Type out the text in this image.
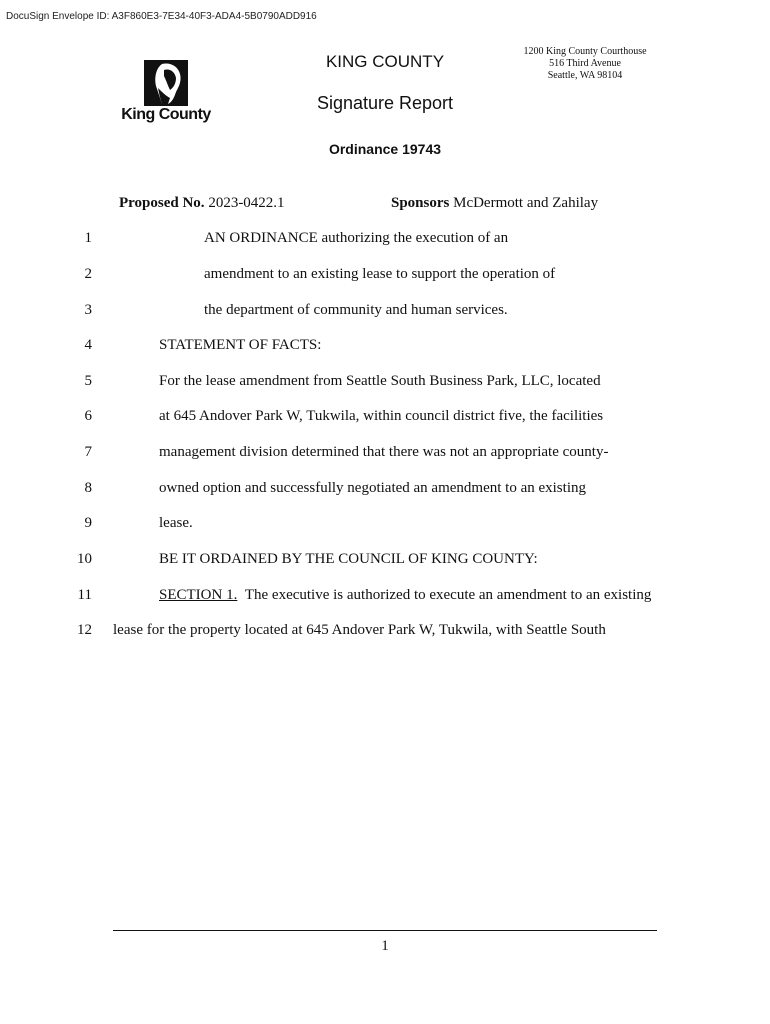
DocuSign Envelope ID: A3F860E3-7E34-40F3-ADA4-5B0790ADD916
King County
KING COUNTY
1200 King County Courthouse
516 Third Avenue
Seattle, WA 98104
Signature Report
Ordinance 19743
Proposed No. 2023-0422.1	Sponsors McDermott and Zahilay
1	AN ORDINANCE authorizing the execution of an
2	amendment to an existing lease to support the operation of
3	the department of community and human services.
4	STATEMENT OF FACTS:
5	For the lease amendment from Seattle South Business Park, LLC, located
6	at 645 Andover Park W, Tukwila, within council district five, the facilities
7	management division determined that there was not an appropriate county-
8	owned option and successfully negotiated an amendment to an existing
9	lease.
10	BE IT ORDAINED BY THE COUNCIL OF KING COUNTY:
11	SECTION 1. The executive is authorized to execute an amendment to an existing
12 lease for the property located at 645 Andover Park W, Tukwila, with Seattle South
1
